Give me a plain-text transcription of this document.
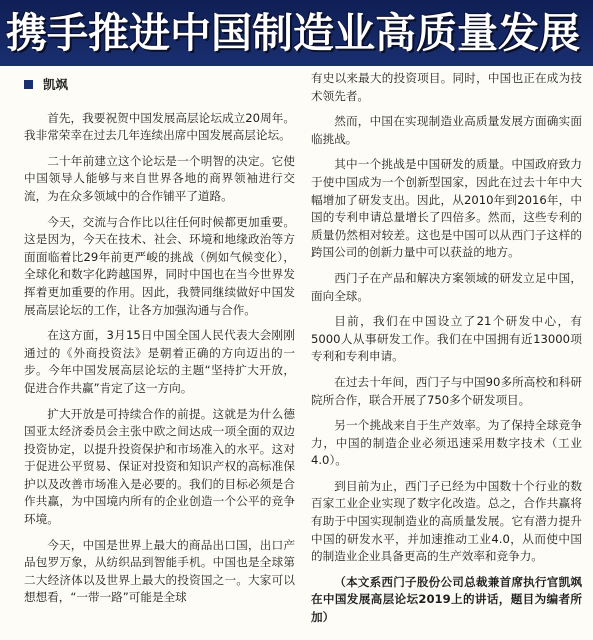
携手推进中国制造业高质量发展
凯飒

首先，我要祝贺中国发展高层论坛成立20周年。我非常荣幸在过去几年连续出席中国发展高层论坛。

二十年前建立这个论坛是一个明智的决定。它使中国领导人能够与来自世界各地的商界领袖进行交流，为在众多领域中的合作铺平了道路。

今天，交流与合作比以往任何时候都更加重要。这是因为，今天在技术、社会、环境和地缘政治等方面面临着比29年前更严峻的挑战（例如气候变化），全球化和数字化跨越国界，同时中国也在当今世界发挥着更加重要的作用。因此，我赞同继续做好中国发展高层论坛的工作，让各方加强沟通与合作。

在这方面，3月15日中国全国人民代表大会刚刚通过的《外商投资法》是朝着正确的方向迈出的一步。今年中国发展高层论坛的主题“坚持扩大开放，促进合作共赢”肯定了这一方向。

扩大开放是可持续合作的前提。这就是为什么德国亚太经济委员会主张中欧之间达成一项全面的双边投资协定，以提升投资保护和市场准入的水平。这对于促进公平贸易、保证对投资和知识产权的高标准保护以及改善市场准入是必要的。我们的目标必须是合作共赢，为中国境内所有的企业创造一个公平的竞争环境。

今天，中国是世界上最大的商品出口国，出口产品包罗万象，从纺织品到智能手机。中国也是全球第二大经济体以及世界上最大的投资国之一。大家可以想想看，“一带一路”可能是全球

有史以来最大的投资项目。同时，中国也正在成为技术领先者。

然而，中国在实现制造业高质量发展方面确实面临挑战。

其中一个挑战是中国研发的质量。中国政府致力于使中国成为一个创新型国家，因此在过去十年中大幅增加了研发支出。因此，从2010年到2016年，中国的专利申请总量增长了四倍多。然而，这些专利的质量仍然相对较差。这也是中国可以从西门子这样的跨国公司的创新力量中可以获益的地方。

西门子在产品和解决方案领域的研发立足中国，面向全球。

目前，我们在中国设立了21个研发中心，有5000人从事研发工作。我们在中国拥有近13000项专利和专利申请。

在过去十年间，西门子与中国90多所高校和科研院所合作，联合开展了750多个研发项目。

另一个挑战来自于生产效率。为了保持全球竞争力，中国的制造企业必须迅速采用数字技术（工业4.0）。

到目前为止，西门子已经为中国数十个行业的数百家工业企业实现了数字化改造。总之，合作共赢将有助于中国实现制造业的高质量发展。它有潜力提升中国的研发水平，并加速推动工业4.0，从而使中国的制造业企业具备更高的生产效率和竞争力。

（本文系西门子股份公司总裁兼首席执行官凯飒在中国发展高层论坛2019上的讲话，题目为编者所加）
